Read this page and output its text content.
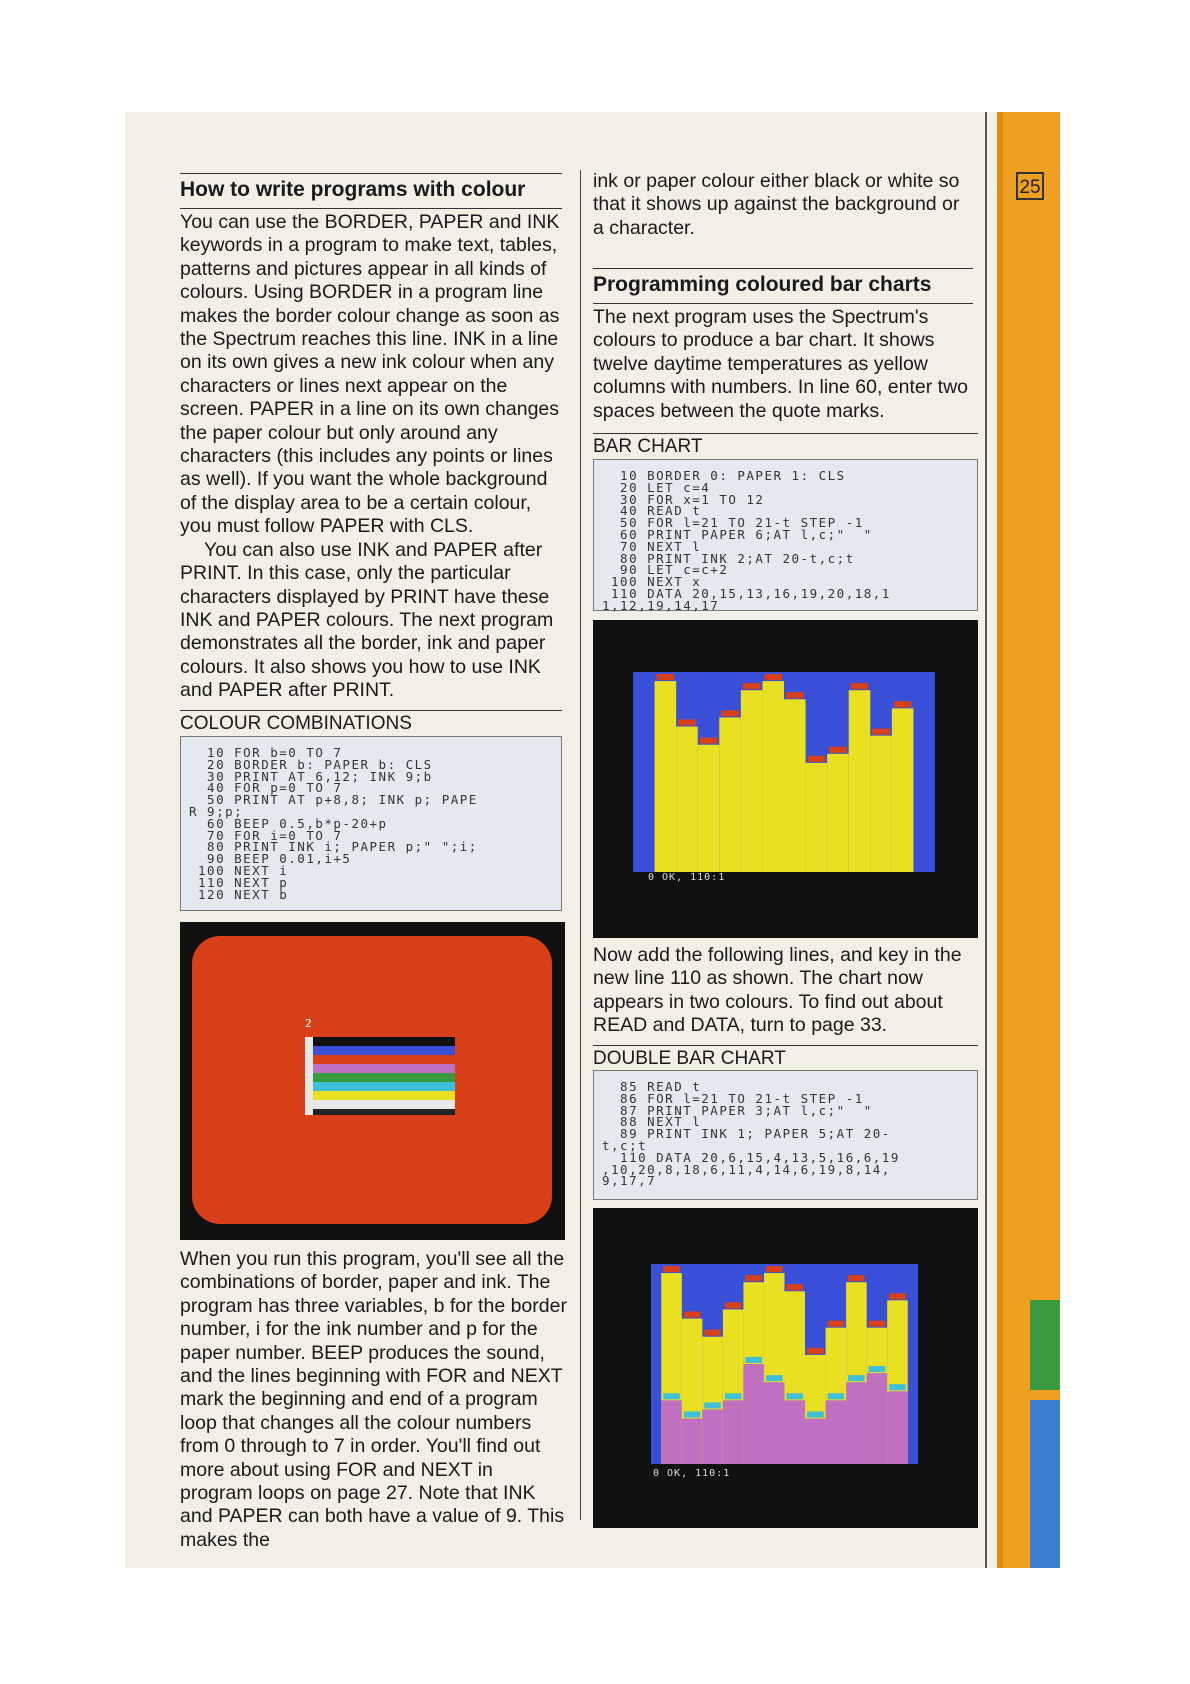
25
How to write programs with colour

You can use the BORDER, PAPER and INK keywords in a program to make text, tables, patterns and pictures appear in all kinds of colours. Using BORDER in a program line makes the border colour change as soon as the Spectrum reaches this line. INK in a line on its own gives a new ink colour when any characters or lines next appear on the screen. PAPER in a line on its own changes the paper colour but only around any characters (this includes any points or lines as well). If you want the whole background of the display area to be a certain colour, you must follow PAPER with CLS.

You can also use INK and PAPER after PRINT. In this case, only the particular characters displayed by PRINT have these INK and PAPER colours. The next program demonstrates all the border, ink and paper colours. It also shows you how to use INK and PAPER after PRINT.

COLOUR COMBINATIONS
10 FOR b=0 TO 7
20 BORDER b: PAPER b: CLS
30 PRINT AT 6,12; INK 9;b
40 FOR p=0 TO 7
50 PRINT AT p+8,8; INK p; PAPE
R 9;p;
60 BEEP 0.5,b*p-20+p
70 FOR i=0 TO 7
80 PRINT INK i; PAPER p;" ";i;
90 BEEP 0.01,i+5
100 NEXT i
110 NEXT p
120 NEXT b
2
When you run this program, you'll see all the combinations of border, paper and ink. The program has three variables, b for the border number, i for the ink number and p for the paper number. BEEP produces the sound, and the lines beginning with FOR and NEXT mark the beginning and end of a program loop that changes all the colour numbers from 0 through to 7 in order. You'll find out more about using FOR and NEXT in program loops on page 27. Note that INK and PAPER can both have a value of 9. This makes the
ink or paper colour either black or white so that it shows up against the background or a character.
Programming coloured bar charts
The next program uses the Spectrum's colours to produce a bar chart. It shows twelve daytime temperatures as yellow columns with numbers. In line 60, enter two spaces between the quote marks.
BAR CHART
10 BORDER 0: PAPER 1: CLS
20 LET c=4
30 FOR x=1 TO 12
40 READ t
50 FOR l=21 TO 21-t STEP -1
60 PRINT PAPER 6;AT l,c;"  "
70 NEXT l
80 PRINT INK 2;AT 20-t,c;t
90 LET c=c+2
100 NEXT x
110 DATA 20,15,13,16,19,20,18,1
1,12,19,14,17
0 OK, 110:1
Now add the following lines, and key in the new line 110 as shown. The chart now appears in two colours. To find out about READ and DATA, turn to page 33.
DOUBLE BAR CHART
85 READ t
86 FOR l=21 TO 21-t STEP -1
87 PRINT PAPER 3;AT l,c;"  "
88 NEXT l
89 PRINT INK 1; PAPER 5;AT 20-
t,c;t
110 DATA 20,6,15,4,13,5,16,6,19
,10,20,8,18,6,11,4,14,6,19,8,14,
9,17,7
0 OK, 110:1
